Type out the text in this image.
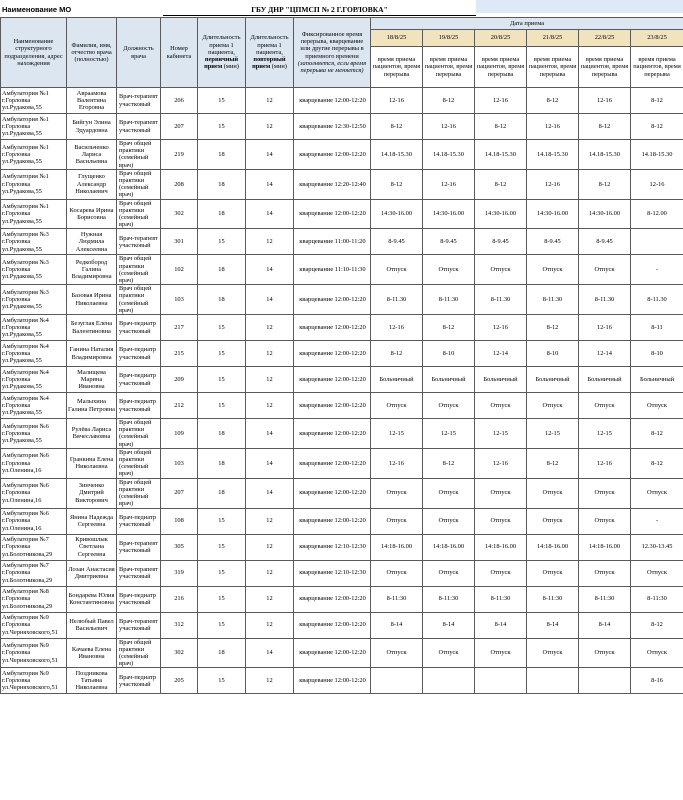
Наименование МО	ГБУ ДНР "ЦПМСП № 2 Г.ГОРЛОВКА"
Наименование структурного подразделения, адрес нахождения	Фамилия, имя, отчество врача (полностью)	Должность врача	Номер кабинета	Длительность приема 1 пациента, первичный прием (мин)	Длительность приема 1 пациента, повторный прием (мин)	Фиксированное время перерыва, кварцевание или другие перерывы в приемного времени (заполняется, если время перерыва не меняется)	Дата приема					
							18/8/25	19/8/25	20/8/25	21/8/25	22/8/25	23/8/25
							время приема пациентов, время перерыва	время приема пациентов, время перерыва	время приема пациентов, время перерыва	время приема пациентов, время перерыва	время приема пациентов, время перерыва	время приема пациентов, время перерыва
Амбулатория №1 г.Горловка ул.Рудакова,55	Авраамова Валентина Егоровна	Врач-терапевт участковый	206	15	12	кварцевание 12:00-12:20	12-16	8-12	12-16	8-12	12-16	8-12
Амбулатория №1 г.Горловка ул.Рудакова,55	Бийгун Элина Эдуардовна	Врач-терапевт участковый	207	15	12	кварцевание 12:30-12:50	8-12	12-16	8-12	12-16	8-12	8-12
Амбулатория №1 г.Горловка ул.Рудакова,55	Васильченко Лариса Васильевна	Врач общей практики (семейный врач)	219	18	14	кварцевание 12:00-12:20	14.18-15.30	14.18-15.30	14.18-15.30	14.18-15.30	14.18-15.30	14.18-15.30
Амбулатория №1 г.Горловка ул.Рудакова,55	Глущенко Александр Николаевич	Врач общей практики (семейный врач)	208	18	14	кварцевание 12:20-12:40	8-12	12-16	8-12	12-16	8-12	12-16
Амбулатория №1 г.Горловка ул.Рудакова,55	Косарева Ирина Борисовна	Врач общей практики (семейный врач)	302	18	14	кварцевание 12:00-12:20	14:30-16.00	14:30-16.00	14:30-16.00	14:30-16.00	14:30-16.00	8-12.00
Амбулатория №3 г.Горловка ул.Рудакова,55	Нужная Людмила Алексеевна	Врач-терапевт участковый	301	15	12	кварцевание 11:00-11:20	8-9.45	8-9.45	8-9.45	8-9.45	8-9.45	
Амбулатория №3 г.Горловка ул.Рудакова,55	Редкобород Галина Владимировна	Врач общей практики (семейный врач)	102	18	14	кварцевание 11:10-11:30	Отпуск	Отпуск	Отпуск	Отпуск	Отпуск	-
Амбулатория №3 г.Горловка ул.Рудакова,55	Базовая Ирина Николаевна	Врач общей практики (семейный врач)	103	18	14	кварцевание 12:00-12:20	8-11.30	8-11.30	8-11.30	8-11.30	8-11.30	8-11.30
Амбулатория №4 г.Горловка ул.Рудакова,55	Безуглая Елена Валентиновна	Врач-педиатр участковый	217	15	12	кварцевание 12:00-12:20	12-16	8-12	12-16	8-12	12-16	8-11
Амбулатория №4 г.Горловка ул.Рудакова,55	Ганина Наталия Владимировна	Врач-педиатр участковый	215	15	12	кварцевание 12:00-12:20	8-12	8-10	12-14	8-10	12-14	8-10
Амбулатория №4 г.Горловка ул.Рудакова,55	Малищева Марина Ивановна	Врач-педиатр участковый	209	15	12	кварцевание 12:00-12:20	Больничный	Больничный	Больничный	Больничный	Больничный	Больничный
Амбулатория №4 г.Горловка ул.Рудакова,55	Малыхина Галина Петровна	Врач-педиатр участковый	212	15	12	кварцевание 12:00-12:20	Отпуск	Отпуск	Отпуск	Отпуск	Отпуск	Отпуск
Амбулатория №6 г.Горловка ул.Рудакова,55	Рулёва Лариса Вячеславовна	Врач общей практики (семейный врач)	109	18	14	кварцевание 12:00-12:20	12-15	12-15	12-15	12-15	12-15	8-12
Амбулатория №6 г.Горловка ул.Оленина,16	Гранкина Елена Николаевна	Врач общей практики (семейный врач)	103	18	14	кварцевание 12:00-12:20	12-16	8-12	12-16	8-12	12-16	8-12
Амбулатория №6 г.Горловка ул.Оленина,16	Зинченко Дмитрий Викторович	Врач общей практики (семейный врач)	207	18	14	кварцевание 12:00-12:20	Отпуск	Отпуск	Отпуск	Отпуск	Отпуск	Отпуск
Амбулатория №6 г.Горловка ул.Оленина,16	Янина Надежда Сергеевна	Врач-педиатр участковый	108	15	12	кварцевание 12:00-12:20	Отпуск	Отпуск	Отпуск	Отпуск	Отпуск	-
Амбулатория №7 г.Горловка ул.Болотникова,29	Кривошлык Светлана Сергеевна	Врач-терапевт участковый	305	15	12	кварцевание 12:10-12:30	14:18-16.00	14:18-16.00	14:18-16.00	14:18-16.00	14:18-16.00	12.30-13.45
Амбулатория №7 г.Горловка ул.Болотникова,29	Лозан Анастасия Дмитриевна	Врач-терапевт участковый	319	15	12	кварцевание 12:10-12:30	Отпуск	Отпуск	Отпуск	Отпуск	Отпуск	Отпуск
Амбулатория №8 г.Горловка ул.Болотникова,29	Бондарева Юлия Константиновна	Врач-педиатр участковый	216	15	12	кварцевание 12:00-12:20	8-11:30	8-11:30	8-11:30	8-11:30	8-11:30	8-11:30
Амбулатория №9 г.Горловка ул.Черняховского,51	Нелюбый Павел Васильевич	Врач-терапевт участковый	312	15	12	кварцевание 12:00-12:20	8-14	8-14	8-14	8-14	8-14	8-12
Амбулатория №9 г.Горловка ул.Черняховского,51	Качаева Елена Ивановна	Врач общей практики (семейный врач)	302	18	14	кварцевание 12:00-12:20	Отпуск	Отпуск	Отпуск	Отпуск	Отпуск	Отпуск
Амбулатория №9 г.Горловка ул.Черняховского,51	Поздникова Татьяна Николаевна	Врач-педиатр участковый	205	15	12	кварцевание 12:00-12:20						8-16
